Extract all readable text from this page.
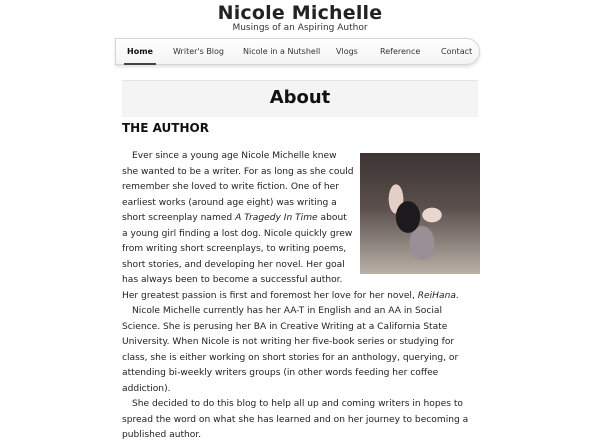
Nicole Michelle
Musings of an Aspiring Author
Home	Writer's Blog Nicole in a Nutshell Vlogs	Reference	Contact
About
THE AUTHOR

Ever since a young age Nicole Michelle knew she wanted to be a writer. For as long as she could remember she loved to write fiction. One of her earliest works (around age eight) was writing a short screenplay named A Tragedy In Time about a young girl finding a lost dog. Nicole quickly grew from writing short screenplays, to writing poems, short stories, and developing her novel. Her goal has always been to become a successful author. Her greatest passion is first and foremost her love for her novel, ReiHana.

Nicole Michelle currently has her AA-T in English and an AA in Social Science. She is perusing her BA in Creative Writing at a California State University. When Nicole is not writing her five-book series or studying for class, she is either working on short stories for an anthology, querying, or attending bi-weekly writers groups (in other words feeding her coffee addiction).

She decided to do this blog to help all up and coming writers in hopes to spread the word on what she has learned and on her journey to becoming a published author.
